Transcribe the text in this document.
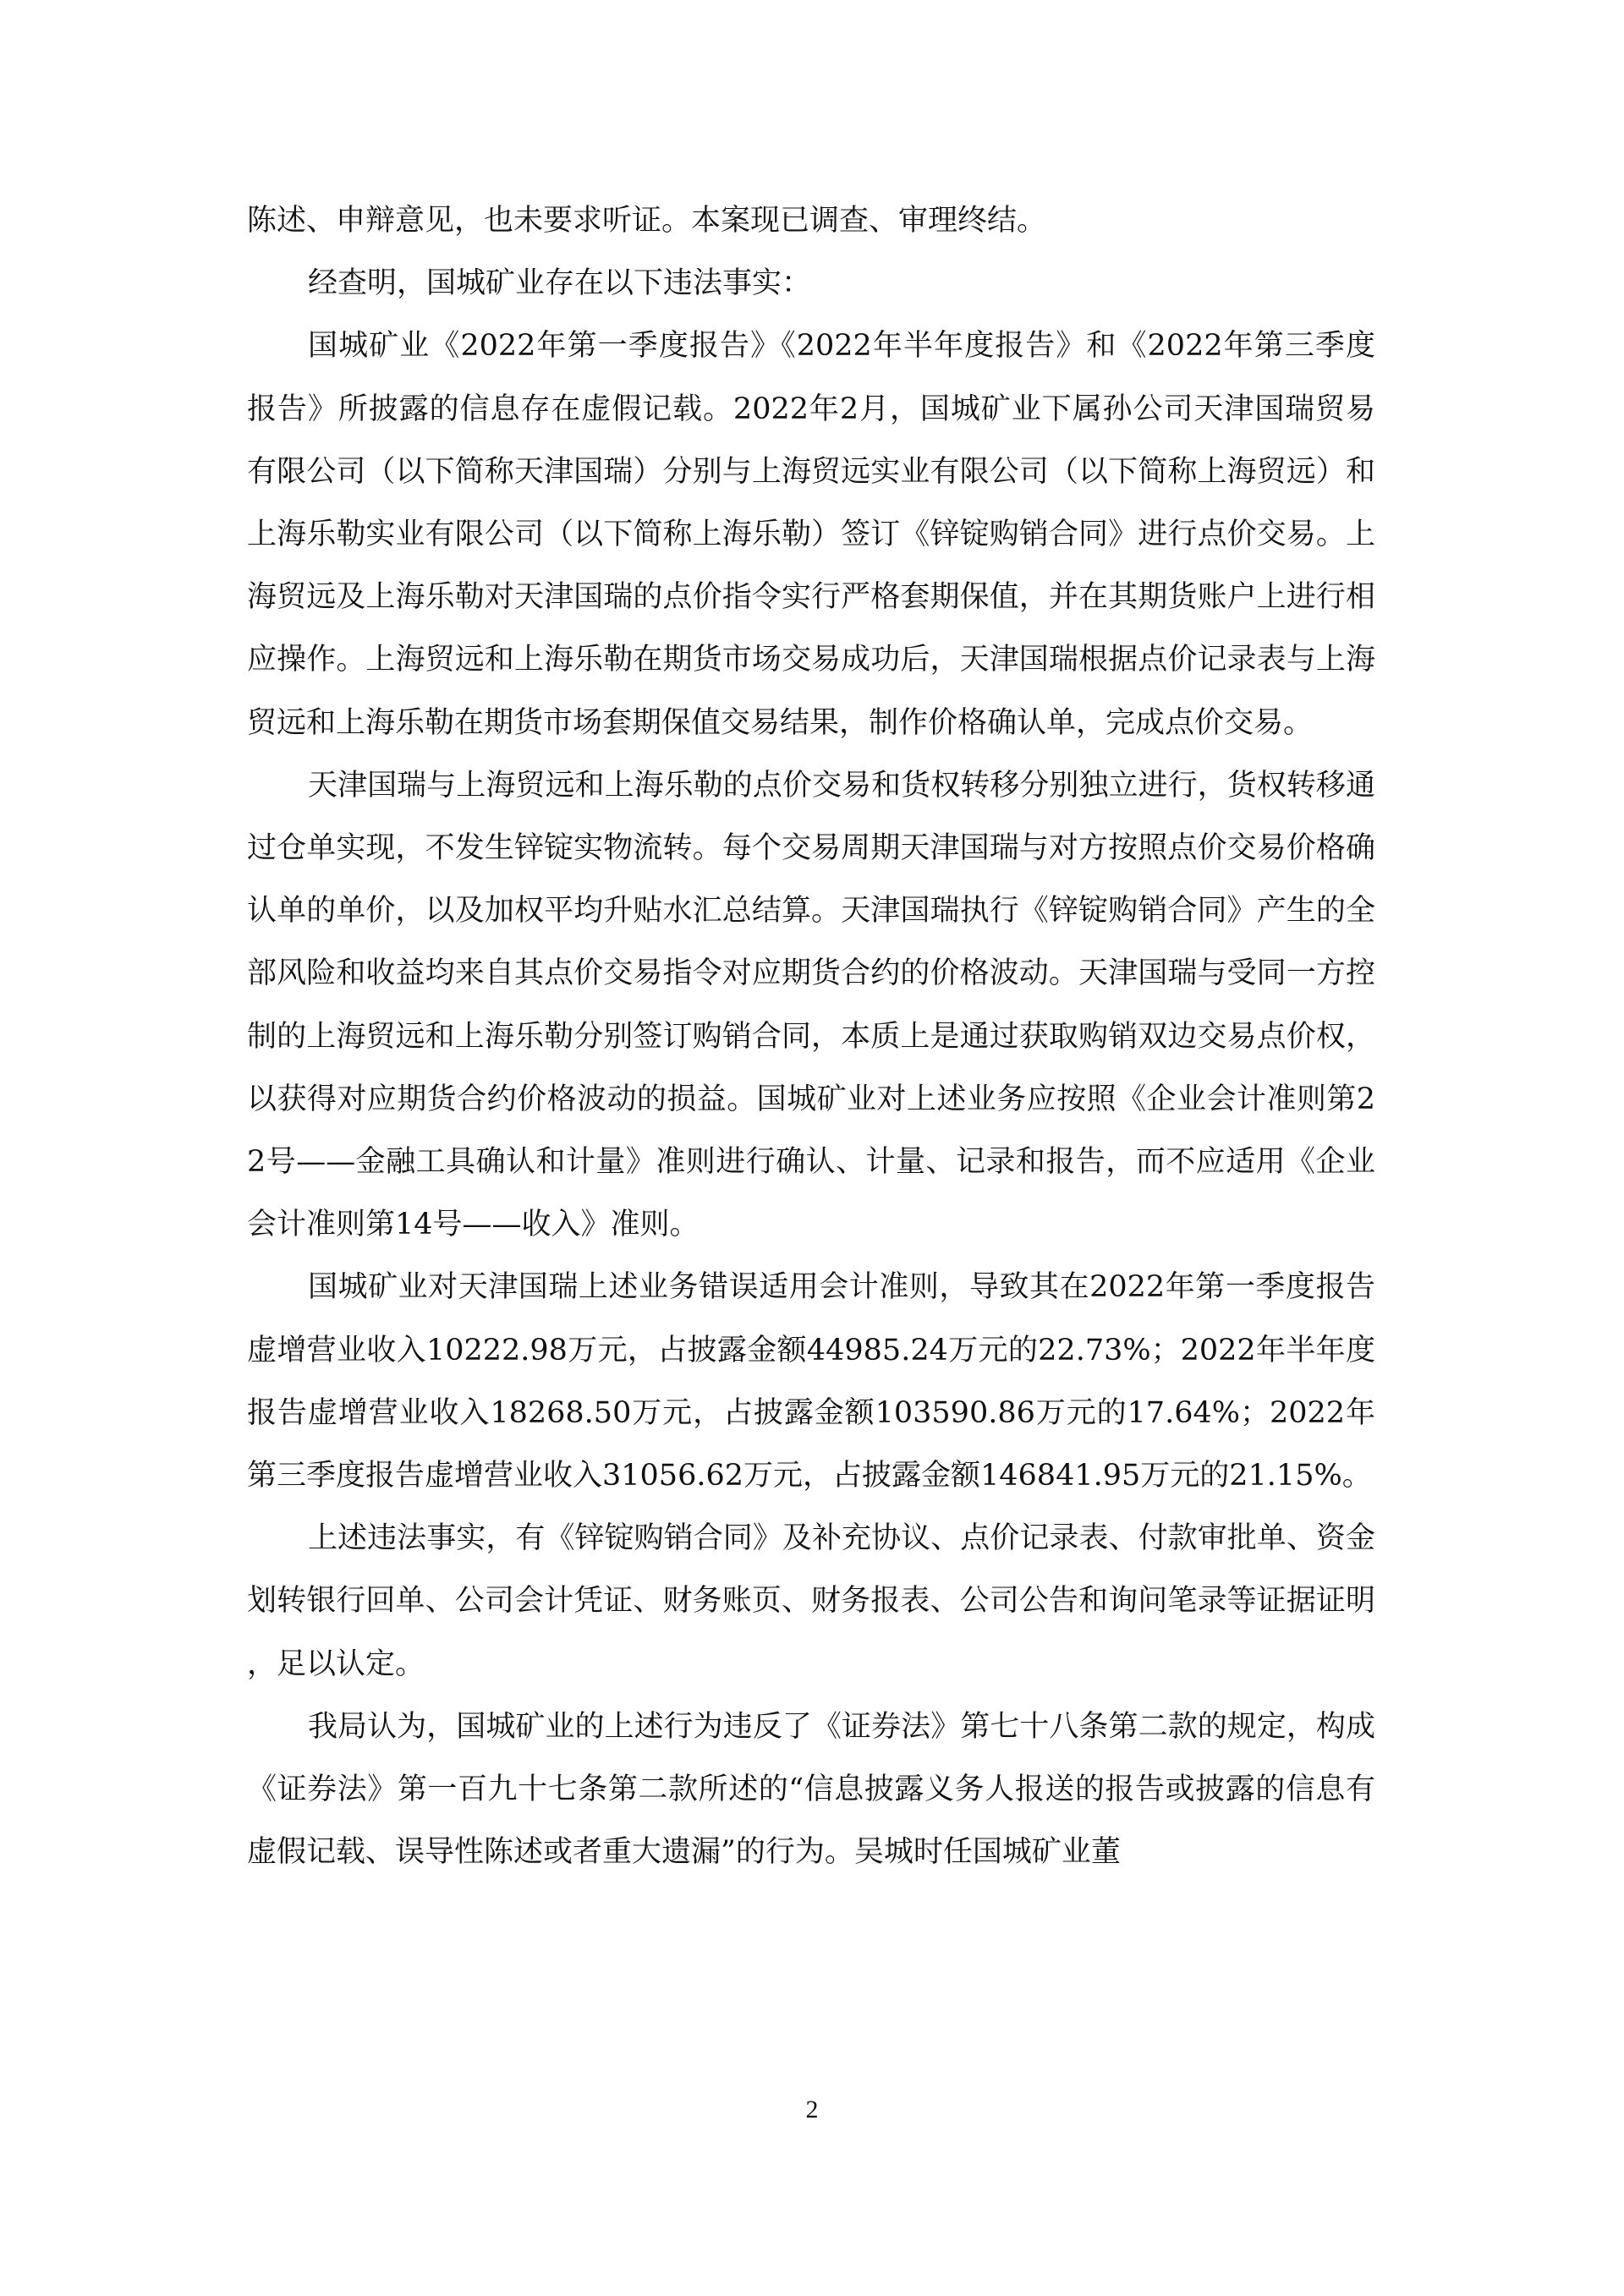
陈述、申辩意见，也未要求听证。本案现已调查、审理终结。

经查明，国城矿业存在以下违法事实：

国城矿业《2022年第一季度报告》《2022年半年度报告》和《2022年第三季度报告》所披露的信息存在虚假记载。2022年2月，国城矿业下属孙公司天津国瑞贸易有限公司（以下简称天津国瑞）分别与上海贸远实业有限公司（以下简称上海贸远）和上海乐勒实业有限公司（以下简称上海乐勒）签订《锌锭购销合同》进行点价交易。上海贸远及上海乐勒对天津国瑞的点价指令实行严格套期保值，并在其期货账户上进行相应操作。上海贸远和上海乐勒在期货市场交易成功后，天津国瑞根据点价记录表与上海贸远和上海乐勒在期货市场套期保值交易结果，制作价格确认单，完成点价交易。

天津国瑞与上海贸远和上海乐勒的点价交易和货权转移分别独立进行，货权转移通过仓单实现，不发生锌锭实物流转。每个交易周期天津国瑞与对方按照点价交易价格确认单的单价，以及加权平均升贴水汇总结算。天津国瑞执行《锌锭购销合同》产生的全部风险和收益均来自其点价交易指令对应期货合约的价格波动。天津国瑞与受同一方控制的上海贸远和上海乐勒分别签订购销合同，本质上是通过获取购销双边交易点价权，以获得对应期货合约价格波动的损益。国城矿业对上述业务应按照《企业会计准则第22号——金融工具确认和计量》准则进行确认、计量、记录和报告，而不应适用《企业会计准则第14号——收入》准则。

国城矿业对天津国瑞上述业务错误适用会计准则，导致其在2022年第一季度报告虚增营业收入10222.98万元，占披露金额44985.24万元的22.73%；2022年半年度报告虚增营业收入18268.50万元，占披露金额103590.86万元的17.64%；2022年第三季度报告虚增营业收入31056.62万元，占披露金额146841.95万元的21.15%。

上述违法事实，有《锌锭购销合同》及补充协议、点价记录表、付款审批单、资金划转银行回单、公司会计凭证、财务账页、财务报表、公司公告和询问笔录等证据证明，足以认定。

我局认为，国城矿业的上述行为违反了《证券法》第七十八条第二款的规定，构成《证券法》第一百九十七条第二款所述的“信息披露义务人报送的报告或披露的信息有虚假记载、误导性陈述或者重大遗漏”的行为。吴城时任国城矿业董

2
